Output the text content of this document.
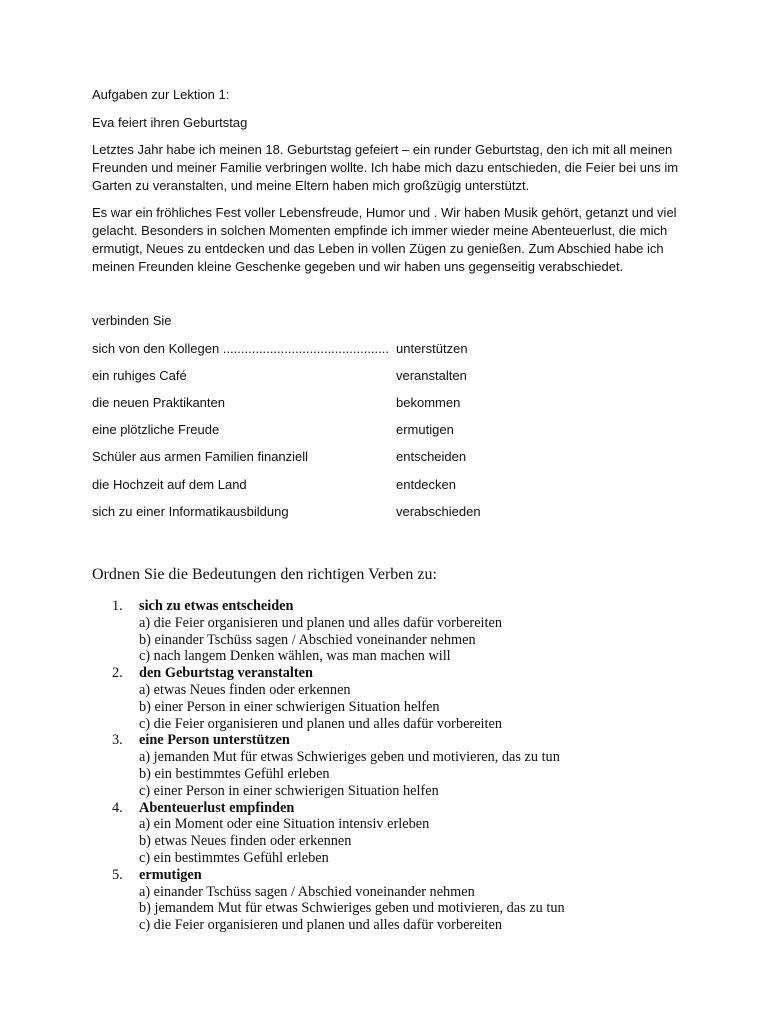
Aufgaben zur Lektion 1:
Eva feiert ihren Geburtstag

Letztes Jahr habe ich meinen 18. Geburtstag gefeiert – ein runder Geburtstag, den ich mit all meinen Freunden und meiner Familie verbringen wollte. Ich habe mich dazu entschieden, die Feier bei uns im Garten zu veranstalten, und meine Eltern haben mich großzügig unterstützt.

Es war ein fröhliches Fest voller Lebensfreude, Humor und . Wir haben Musik gehört, getanzt und viel gelacht. Besonders in solchen Momenten empfinde ich immer wieder meine Abenteuerlust, die mich ermutigt, Neues zu entdecken und das Leben in vollen Zügen zu genießen. Zum Abschied habe ich meinen Freunden kleine Geschenke gegeben und wir haben uns gegenseitig verabschiedet.

verbinden Sie
sich von den Kollegen .............................................. unterstützen
ein ruhiges Café	veranstalten
die neuen Praktikanten	bekommen
eine plötzliche Freude	ermutigen
Schüler aus armen Familien finanziell	entscheiden
die Hochzeit auf dem Land	entdecken
sich zu einer Informatikausbildung	verabschieden
Ordnen Sie die Bedeutungen den richtigen Verben zu:
1.	sich zu etwas entscheiden
a) die Feier organisieren und planen und alles dafür vorbereiten
b) einander Tschüss sagen / Abschied voneinander nehmen
c) nach langem Denken wählen, was man machen will
2.	den Geburtstag veranstalten
a) etwas Neues finden oder erkennen
b) einer Person in einer schwierigen Situation helfen
c) die Feier organisieren und planen und alles dafür vorbereiten
3.	eine Person unterstützen
a) jemanden Mut für etwas Schwieriges geben und motivieren, das zu tun
b) ein bestimmtes Gefühl erleben
c) einer Person in einer schwierigen Situation helfen
4.	Abenteuerlust empfinden
a) ein Moment oder eine Situation intensiv erleben
b) etwas Neues finden oder erkennen
c) ein bestimmtes Gefühl erleben
5.	ermutigen
a) einander Tschüss sagen / Abschied voneinander nehmen
b) jemandem Mut für etwas Schwieriges geben und motivieren, das zu tun
c) die Feier organisieren und planen und alles dafür vorbereiten
